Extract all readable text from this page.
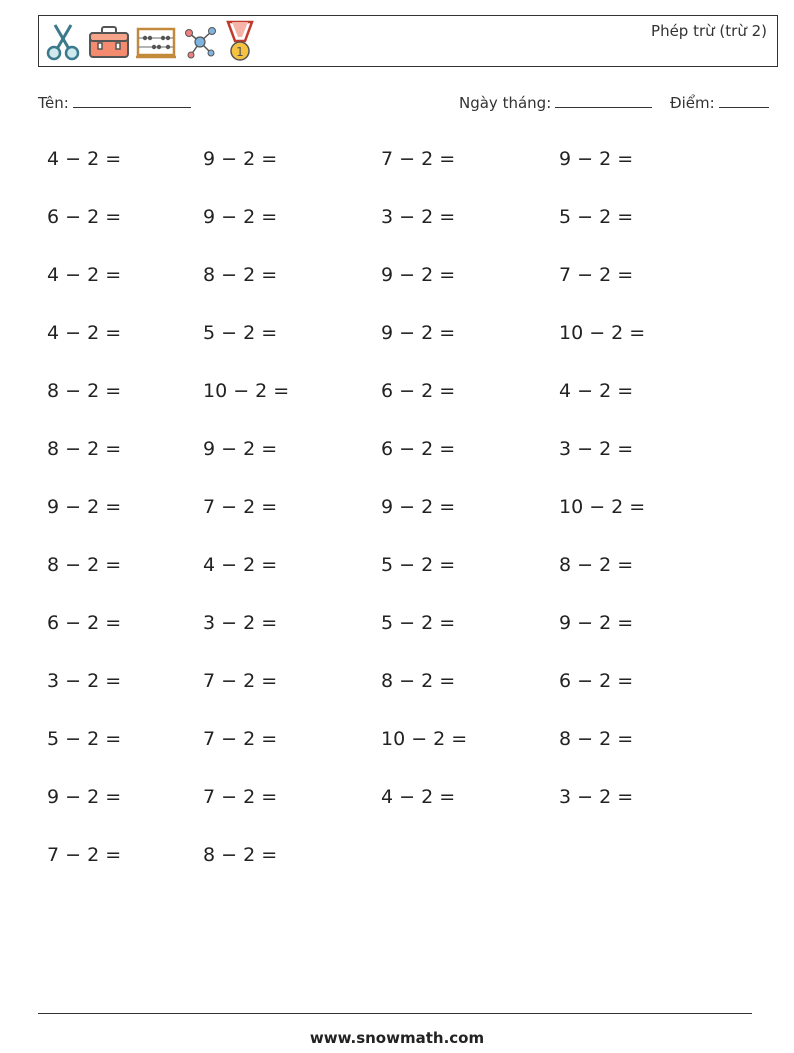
1
Phép trừ (trừ 2)
Tên:	Ngày tháng:	Điểm:
4 − 2 =	9 − 2 =	7 − 2 =	9 − 2 =
6 − 2 =	9 − 2 =	3 − 2 =	5 − 2 =
4 − 2 =	8 − 2 =	9 − 2 =	7 − 2 =
4 − 2 =	5 − 2 =	9 − 2 =	10 − 2 =
8 − 2 =	10 − 2 =	6 − 2 =	4 − 2 =
8 − 2 =	9 − 2 =	6 − 2 =	3 − 2 =
9 − 2 =	7 − 2 =	9 − 2 =	10 − 2 =
8 − 2 =	4 − 2 =	5 − 2 =	8 − 2 =
6 − 2 =	3 − 2 =	5 − 2 =	9 − 2 =
3 − 2 =	7 − 2 =	8 − 2 =	6 − 2 =
5 − 2 =	7 − 2 =	10 − 2 =	8 − 2 =
9 − 2 =	7 − 2 =	4 − 2 =	3 − 2 =
7 − 2 =	8 − 2 =
www.snowmath.com
